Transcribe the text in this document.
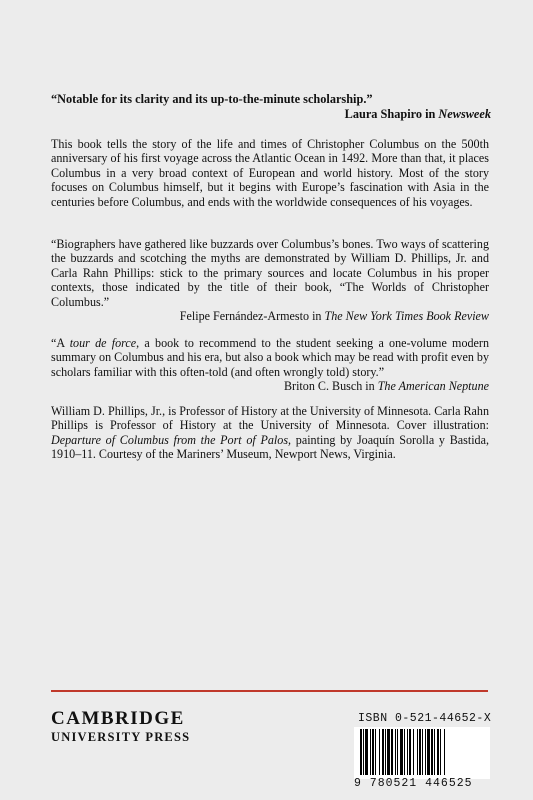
“Notable for its clarity and its up-to-the-minute scholarship.”
Laura Shapiro in Newsweek

This book tells the story of the life and times of Christopher Columbus on the 500th anniversary of his first voyage across the Atlantic Ocean in 1492. More than that, it places Columbus in a very broad context of European and world history. Most of the story focuses on Columbus himself, but it begins with Europe’s fascination with Asia in the centuries before Columbus, and ends with the worldwide consequences of his voyages.

“Biographers have gathered like buzzards over Columbus’s bones. Two ways of scattering the buzzards and scotching the myths are demonstrated by William D. Phillips, Jr. and Carla Rahn Phillips: stick to the primary sources and locate Columbus in his proper contexts, those indicated by the title of their book, “The Worlds of Christopher Columbus.”

Felipe Fernández-Armesto in The New York Times Book Review

“A tour de force, a book to recommend to the student seeking a one-volume modern summary on Columbus and his era, but also a book which may be read with profit even by scholars familiar with this often-told (and often wrongly told) story.”

Briton C. Busch in The American Neptune

William D. Phillips, Jr., is Professor of History at the University of Minnesota. Carla Rahn Phillips is Professor of History at the University of Minnesota. Cover illustration: Departure of Columbus from the Port of Palos, painting by Joaquín Sorolla y Bastida, 1910–11. Courtesy of the Mariners’ Museum, Newport News, Virginia.

CAMBRIDGE
UNIVERSITY PRESS
ISBN 0-521-44652-X
9 780521 446525
